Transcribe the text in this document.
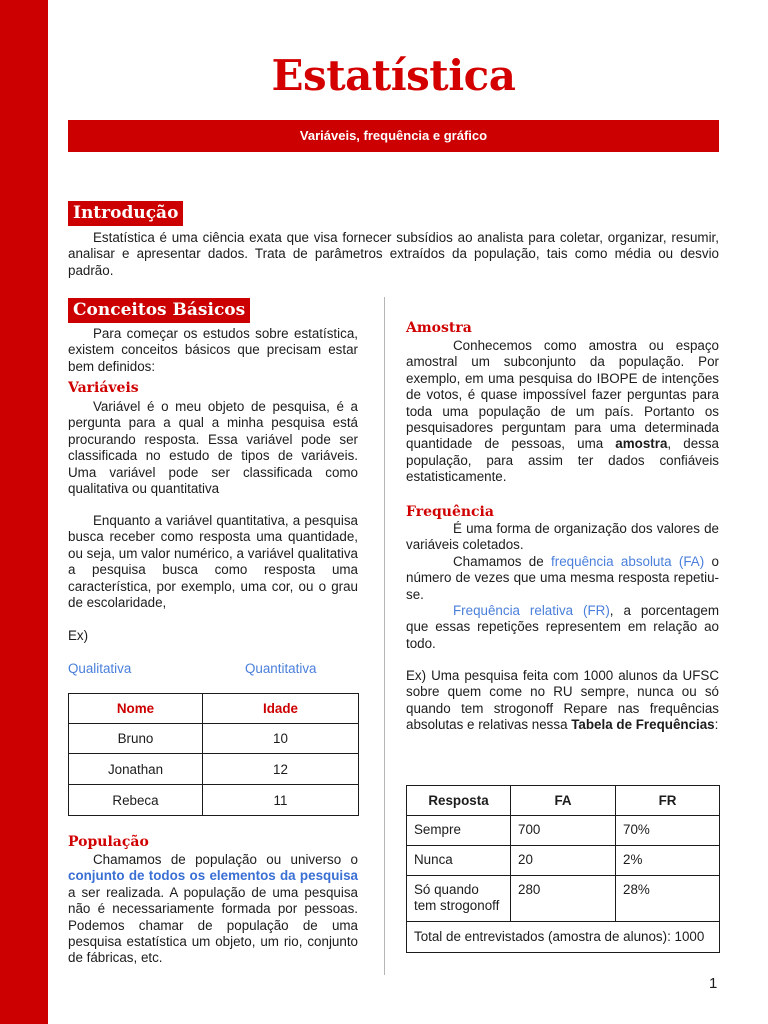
Estatística
Variáveis, frequência e gráfico
Introdução

Estatística é uma ciência exata que visa fornecer subsídios ao analista para coletar, organizar, resumir, analisar e apresentar dados. Trata de parâmetros extraídos da população, tais como média ou desvio padrão.

Conceitos Básicos

Para começar os estudos sobre estatística, existem conceitos básicos que precisam estar bem definidos:

Variáveis

Variável é o meu objeto de pesquisa, é a pergunta para a qual a minha pesquisa está procurando resposta. Essa variável pode ser classificada no estudo de tipos de variáveis. Uma variável pode ser classificada como qualitativa ou quantitativa

Enquanto a variável quantitativa, a pesquisa busca receber como resposta uma quantidade, ou seja, um valor numérico, a variável qualitativa a pesquisa busca como resposta uma característica, por exemplo, uma cor, ou o grau de escolaridade,

Ex)
Qualitativa	Quantitativa
Nome	Idade
Bruno	10
Jonathan	12
Rebeca	11
População

Chamamos de população ou universo o conjunto de todos os elementos da pesquisa a ser realizada. A população de uma pesquisa não é necessariamente formada por pessoas. Podemos chamar de população de uma pesquisa estatística um objeto, um rio, conjunto de fábricas, etc.

Amostra

Conhecemos como amostra ou espaço amostral um subconjunto da população. Por exemplo, em uma pesquisa do IBOPE de intenções de votos, é quase impossível fazer perguntas para toda uma população de um país. Portanto os pesquisadores perguntam para uma determinada quantidade de pessoas, uma amostra, dessa população, para assim ter dados confiáveis estatisticamente.

Frequência

É uma forma de organização dos valores de variáveis coletados.

Chamamos de frequência absoluta (FA) o número de vezes que uma mesma resposta repetiu-se.

Frequência relativa (FR), a porcentagem que essas repetições representem em relação ao todo.

Ex) Uma pesquisa feita com 1000 alunos da UFSC sobre quem come no RU sempre, nunca ou só quando tem strogonoff Repare nas frequências absolutas e relativas nessa Tabela de Frequências:

Resposta	FA	FR
Sempre	700	70%
Nunca	20	2%

Só quando tem strogonoff	280	28%
Total de entrevistados (amostra de alunos): 1000		
1
